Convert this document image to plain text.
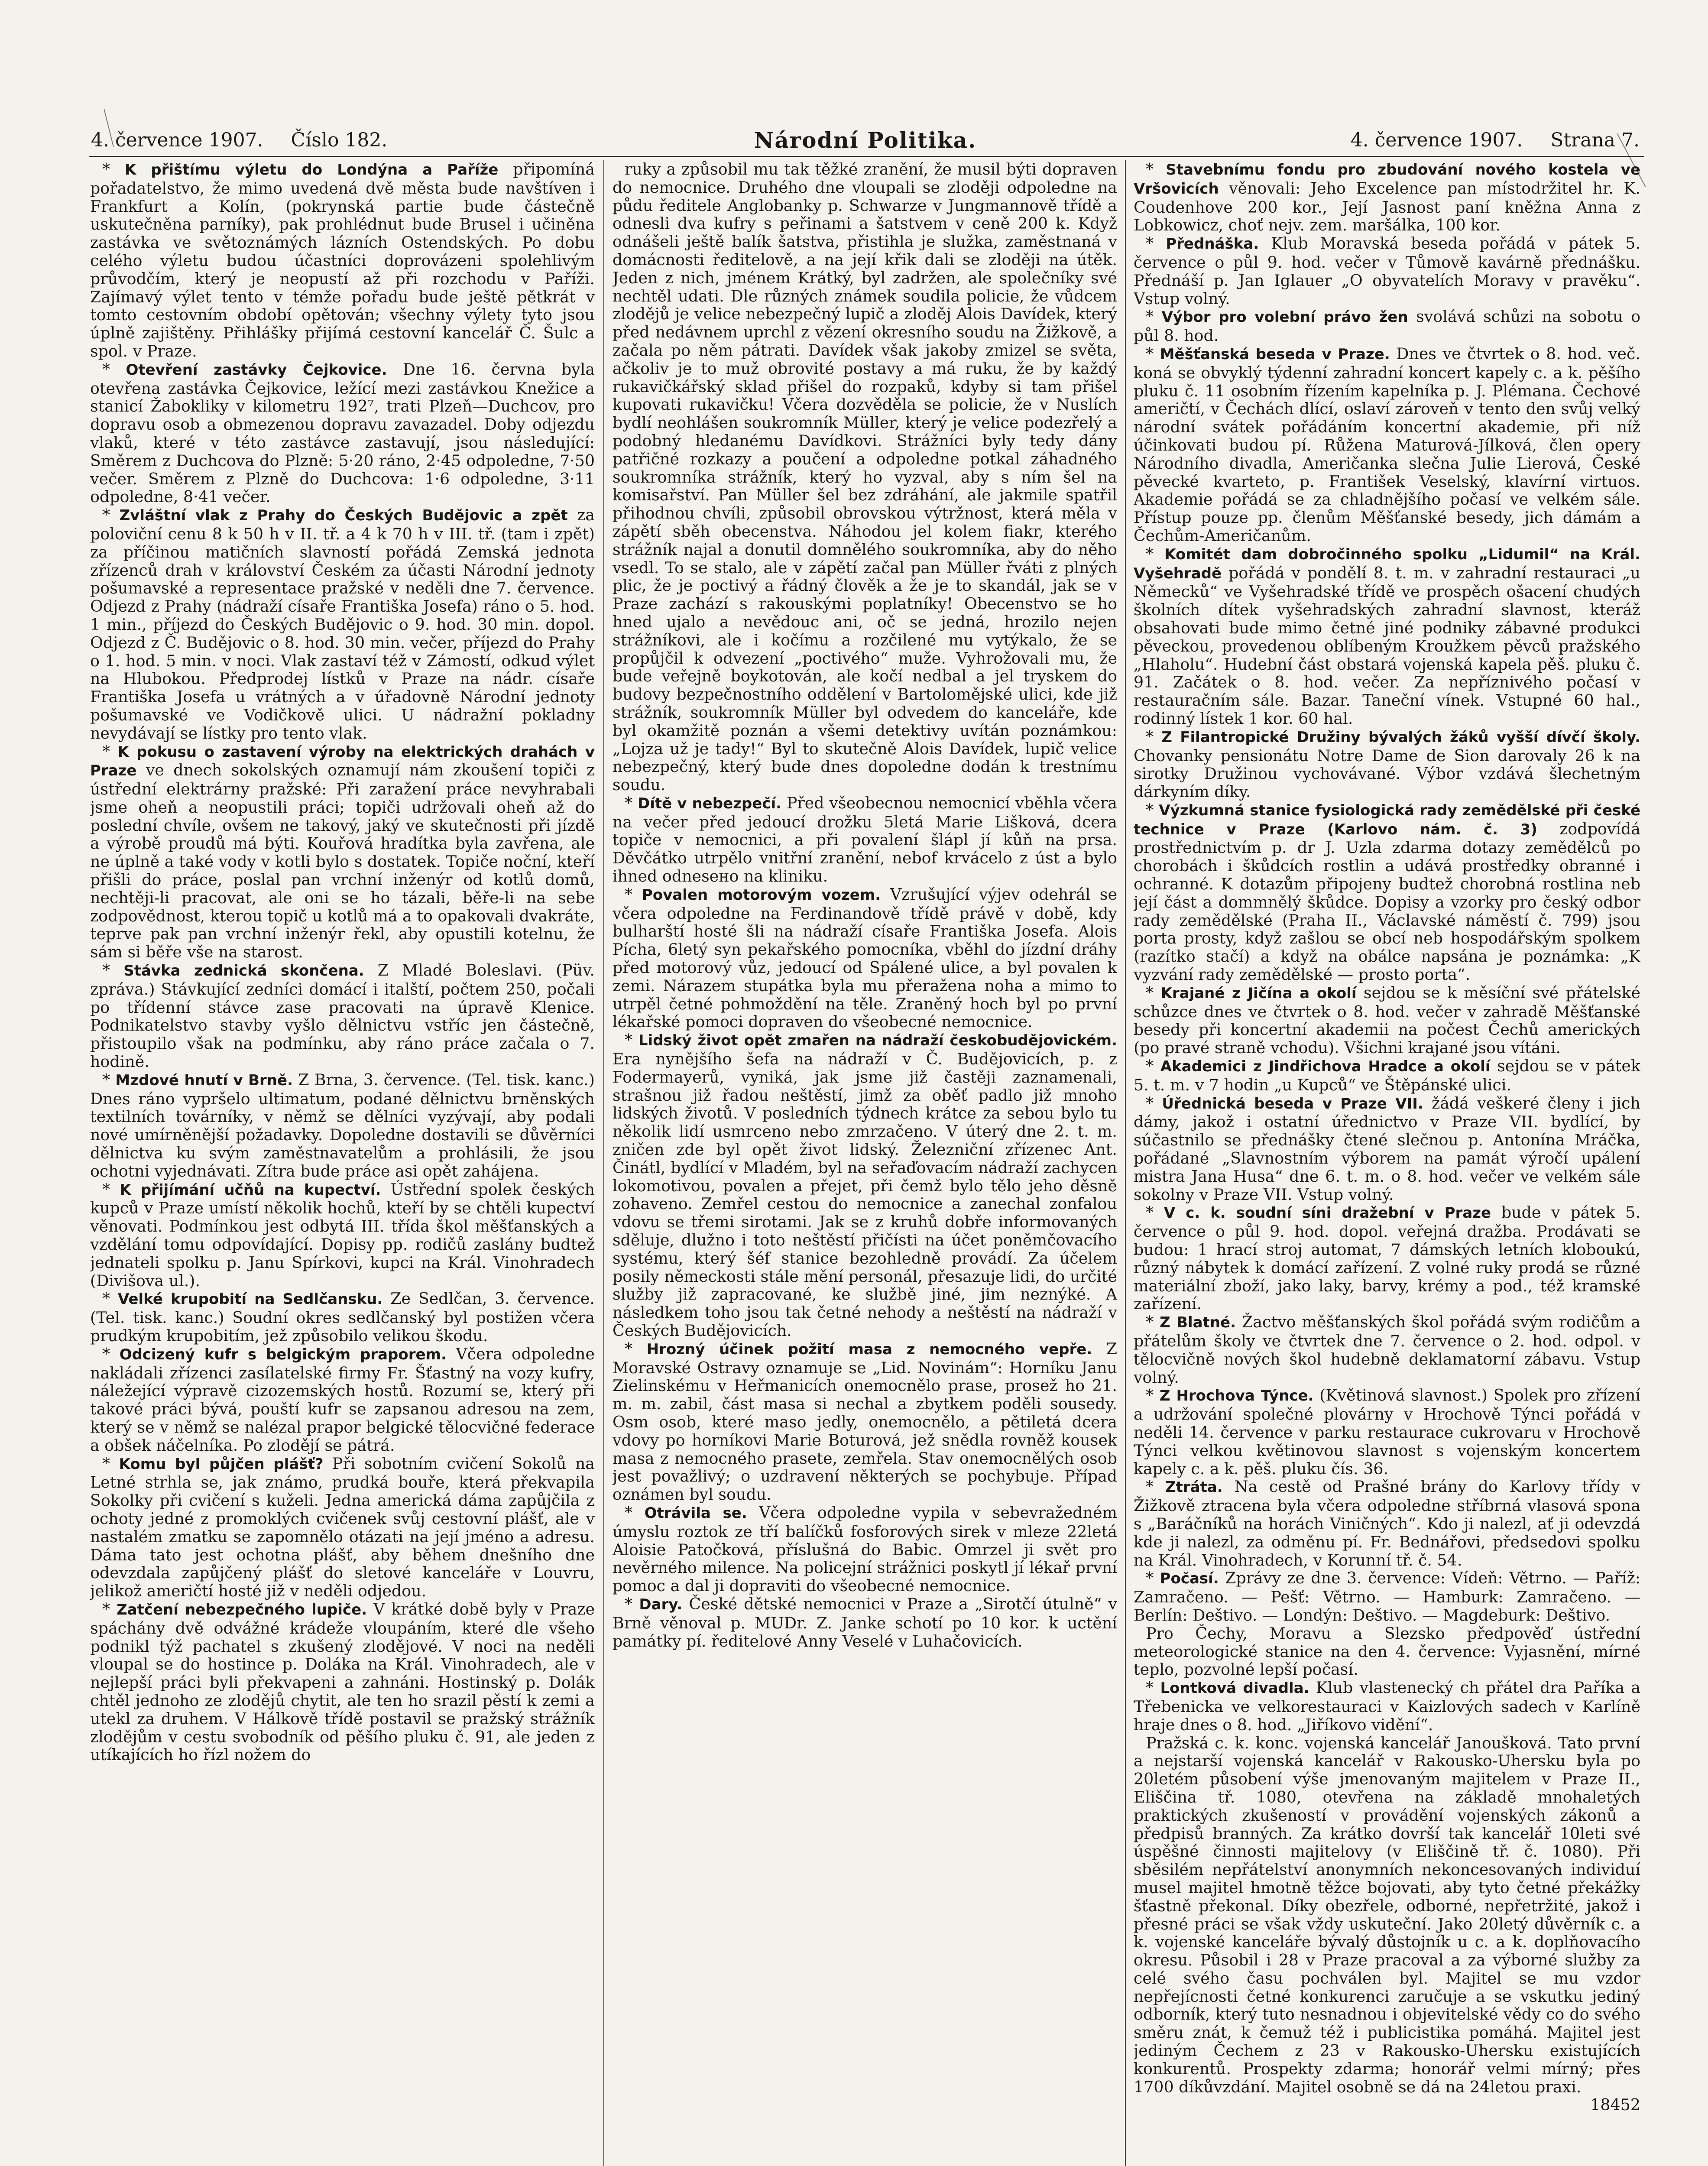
4. července 1907. Číslo 182.	Národní Politika.	4. července 1907. Strana 7.

* K přištímu výletu do Londýna a Paříže připomíná pořadatelstvo, že mimo uvedená dvě města bude navštíven i Frankfurt a Kolín, (pokrynská partie bude částečně uskutečněna parníky), pak prohlédnut bude Brusel i učiněna zastávka ve světoznámých lázních Ostendských. Po dobu celého výletu budou účastníci doprovázeni spolehlivým průvodčím, který je neopustí až při rozchodu v Paříži. Zajímavý výlet tento v témže pořadu bude ještě pětkrát v tomto cestovním období opětován; všechny výlety tyto jsou úplně zajištěny. Přihlášky přijímá cestovní kancelář Č. Šulc a spol. v Praze.

* Otevření zastávky Čejkovice. Dne 16. června byla otevřena zastávka Čejkovice, ležící mezi zastávkou Knežice a stanicí Žabokliky v kilometru 192⁷, trati Plzeň—Duchcov, pro dopravu osob a obmezenou dopravu zavazadel. Doby odjezdu vlaků, které v této zastávce zastavují, jsou následující: Směrem z Duchcova do Plzně: 5·20 ráno, 2·45 odpoledne, 7·50 večer. Směrem z Plzně do Duchcova: 1·6 odpoledne, 3·11 odpoledne, 8·41 večer.

* Zvláštní vlak z Prahy do Českých Budějovic a zpět za poloviční cenu 8 k 50 h v II. tř. a 4 k 70 h v III. tř. (tam i zpět) za příčinou matičních slavností pořádá Zemská jednota zřízenců drah v království Českém za účasti Národní jednoty pošumavské a representace pražské v neděli dne 7. července. Odjezd z Prahy (nádraží císaře Františka Josefa) ráno o 5. hod. 1 min., příjezd do Českých Budějovic o 9. hod. 30 min. dopol. Odjezd z Č. Budějovic o 8. hod. 30 min. večer, příjezd do Prahy o 1. hod. 5 min. v noci. Vlak zastaví též v Zámostí, odkud výlet na Hlubokou. Předprodej lístků v Praze na nádr. císaře Františka Josefa u vrátných a v úřadovně Národní jednoty pošumavské ve Vodičkově ulici. U nádražní pokladny nevydávají se lístky pro tento vlak.

* K pokusu o zastavení výroby na elektrických drahách v Praze ve dnech sokolských oznamují nám zkoušení topiči z ústřední elektrárny pražské: Při zaražení práce nevyhrabali jsme oheň a neopustili práci; topiči udržovali oheň až do poslední chvíle, ovšem ne takový, jaký ve skutečnosti při jízdě a výrobě proudů má býti. Kouřová hradítka byla zavřena, ale ne úplně a také vody v kotli bylo s dostatek. Topiče noční, kteří přišli do práce, poslal pan vrchní inženýr od kotlů domů, nechtěji-li pracovat, ale oni se ho tázali, běře-li na sebe zodpovědnost, kterou topič u kotlů má a to opakovali dvakráte, teprve pak pan vrchní inženýr řekl, aby opustili kotelnu, že sám si běře vše na starost.

* Stávka zednická skončena. Z Mladé Boleslavi. (Püv. zpráva.) Stávkující zedníci domácí i italští, počtem 250, počali po třídenní stávce zase pracovati na úpravě Klenice. Podnikatelstvo stavby vyšlo dělnictvu vstříc jen částečně, přistoupilo však na podmínku, aby ráno práce začala o 7. hodině.

* Mzdové hnutí v Brně. Z Brna, 3. července. (Tel. tisk. kanc.) Dnes ráno vypršelo ultimatum, podané dělnictvu brněnských textilních továrníky, v němž se dělníci vyzývají, aby podali nové umírněnější požadavky. Dopoledne dostavili se důvěrníci dělnictva ku svým zaměstnavatelům a prohlásili, že jsou ochotni vyjednávati. Zítra bude práce asi opět zahájena.

* K přijímání učňů na kupectví. Ústřední spolek českých kupců v Praze umístí několik hochů, kteří by se chtěli kupectví věnovati. Podmínkou jest odbytá III. třída škol měšťanských a vzdělání tomu odpovídající. Dopisy pp. rodičů zaslány budtež jednateli spolku p. Janu Spírkovi, kupci na Král. Vinohradech (Divišova ul.).

* Velké krupobití na Sedlčansku. Ze Sedlčan, 3. července. (Tel. tisk. kanc.) Soudní okres sedlčanský byl postižen včera prudkým krupobitím, jež způsobilo velikou škodu.

* Odcizený kufr s belgickým praporem. Včera odpoledne nakládali zřízenci zasílatelské firmy Fr. Šťastný na vozy kufry, náležející výpravě cizozemských hostů. Rozumí se, který při takové práci bývá, pouští kufr se zapsanou adresou na zem, který se v němž se nalézal prapor belgické tělocvičné federace a obšek náčelníka. Po zlodějí se pátrá.

* Komu byl půjčen plášť? Při sobotním cvičení Sokolů na Letné strhla se, jak známo, prudká bouře, která překvapila Sokolky při cvičení s kuželi. Jedna americká dáma zapůjčila z ochoty jedné z promoklých cvičenek svůj cestovní plášť, ale v nastalém zmatku se zapomnělo otázati na její jméno a adresu. Dáma tato jest ochotna plášť, aby během dnešního dne odevzdala zapůjčený plášť do sletové kanceláře v Louvru, jelikož američtí hosté již v neděli odjedou.

* Zatčení nebezpečného lupiče. V krátké době byly v Praze spáchány dvě odvážné krádeže vloupáním, které dle všeho podnikl týž pachatel s zkušený zlodějové. V noci na neděli vloupal se do hostince p. Doláka na Král. Vinohradech, ale v nejlepší práci byli překvapeni a zahnáni. Hostinský p. Dolák chtěl jednoho ze zlodějů chytit, ale ten ho srazil pěstí k zemi a utekl za druhem. V Hálkově třídě postavil se pražský strážník zlodějům v cestu svobodník od pěšího pluku č. 91, ale jeden z utíkajících ho řízl nožem do

ruky a způsobil mu tak těžké zranění, že musil býti dopraven do nemocnice. Druhého dne vloupali se zloději odpoledne na půdu ředitele Anglobanky p. Schwarze v Jungmannově třídě a odnesli dva kufry s peřinami a šatstvem v ceně 200 k. Když odnášeli ještě balík šatstva, přistihla je služka, zaměstnaná v domácnosti ředitelově, a na její křik dali se zloději na útěk. Jeden z nich, jménem Krátký, byl zadržen, ale společníky své nechtěl udati. Dle různých známek soudila policie, že vůdcem zlodějů je velice nebezpečný lupič a zloděj Alois Davídek, který před nedávnem uprchl z vězení okresního soudu na Žižkově, a začala po něm pátrati. Davídek však jakoby zmizel se světa, ačkoliv je to muž obrovité postavy a má ruku, že by každý rukavičkářský sklad přišel do rozpaků, kdyby si tam přišel kupovati rukavičku! Včera dozvěděla se policie, že v Nuslích bydlí neohlášen soukromník Müller, který je velice podezřelý a podobný hledanému Davídkovi. Strážníci byly tedy dány patřičné rozkazy a poučení a odpoledne potkal záhadného soukromníka strážník, který ho vyzval, aby s ním šel na komisařství. Pan Müller šel bez zdráhání, ale jakmile spatřil přihodnou chvíli, způsobil obrovskou výtržnost, která měla v zápětí sběh obecenstva. Náhodou jel kolem fiakr, kterého strážník najal a donutil domnělého soukromníka, aby do něho vsedl. To se stalo, ale v zápětí začal pan Müller řváti z plných plic, že je poctivý a řádný člověk a že je to skandál, jak se v Praze zachází s rakouskými poplatníky! Obecenstvo se ho hned ujalo a nevědouc ani, oč se jedná, hrozilo nejen strážníkovi, ale i kočímu a rozčilené mu vytýkalo, že se propůjčil k odvezení „poctivého“ muže. Vyhrožovali mu, že bude veřejně boykotován, ale kočí nedbal a jel tryskem do budovy bezpečnostního oddělení v Bartolomějské ulici, kde již strážník, soukromník Müller byl odvedem do kanceláře, kde byl okamžitě poznán a všemi detektivy uvítán poznámkou: „Lojza už je tady!“ Byl to skutečně Alois Davídek, lupič velice nebezpečný, který bude dnes dopoledne dodán k trestnímu soudu.

* Dítě v nebezpečí. Před všeobecnou nemocnicí vběhla včera na večer před jedoucí drožku 5letá Marie Lišková, dcera topiče v nemocnici, a při povalení šlápl jí kůň na prsa. Děvčátko utrpělo vnitřní zranění, nebof krvácelo z úst a bylo ihned odnesено na kliniku.

* Povalen motorovým vozem. Vzrušující výjev odehrál se včera odpoledne na Ferdinandově třídě právě v době, kdy bulharští hosté šli na nádraží císaře Františka Josefa. Alois Pícha, 6letý syn pekařského pomocníka, vběhl do jízdní dráhy před motorový vůz, jedoucí od Spálené ulice, a byl povalen k zemi. Nárazem stupátka byla mu přeražena noha a mimo to utrpěl četné pohmoždění na těle. Zraněný hoch byl po první lékařské pomoci dopraven do všeobecné nemocnice.

* Lidský život opět zmařen na nádraží českobudějovickém. Era nynějšího šefa na nádraží v Č. Budějovicích, p. z Fodermayerů, vyniká, jak jsme již častěji zaznamenali, strašnou již řadou neštěstí, jimž za oběť padlo již mnoho lidských životů. V posledních týdnech krátce za sebou bylo tu několik lidí usmrceno nebo zmrzačeno. V úterý dne 2. t. m. zničen zde byl opět život lidský. Železniční zřízenec Ant. Činátl, bydlící v Mladém, byl na seřaďovacím nádraží zachycen lokomotivou, povalen a přejet, při čemž bylo tělo jeho děsně zohaveno. Zemřel cestou do nemocnice a zanechal zonfalou vdovu se třemi sirotami. Jak se z kruhů dobře informovaných sděluje, dlužno i toto neštěstí přičísti na účet poněmčovacího systému, který šéf stanice bezohledně provádí. Za účelem posily německosti stále mění personál, přesazuje lidi, do určité služby již zapracované, ke službě jiné, jim neznýké. A následkem toho jsou tak četné nehody a neštěstí na nádraží v Českých Budějovicích.

* Hrozný účinek požití masa z nemocného vepře. Z Moravské Ostravy oznamuje se „Lid. Novinám“: Horníku Janu Zielinskému v Heřmanicích onemocnělo prase, prosež ho 21. m. m. zabil, část masa si nechal a zbytkem poděli sousedy. Osm osob, které maso jedly, onemocnělo, a pětiletá dcera vdovy po horníkovi Marie Boturová, jež snědla rovněž kousek masa z nemocného prasete, zemřela. Stav onemocnělých osob jest považlivý; o uzdravení některých se pochybuje. Případ oznámen byl soudu.

* Otrávila se. Včera odpoledne vypila v sebevražedném úmyslu roztok ze tří balíčků fosforových sirek v mleze 22letá Aloisie Patočková, příslušná do Babic. Omrzel ji svět pro nevěrného milence. Na policejní strážnici poskytl jí lékař první pomoc a dal ji dopraviti do všeobecné nemocnice.

* Dary. České dětské nemocnici v Praze a „Sirotčí útulně“ v Brně věnoval p. MUDr. Z. Janke schotí po 10 kor. k uctění památky pí. ředitelové Anny Veselé v Luhačovicích.

* Stavebnímu fondu pro zbudování nového kostela ve Vršovicích věnovali: Jeho Excelence pan místodržitel hr. K. Coudenhove 200 kor., Její Jasnost paní kněžna Anna z Lobkowicz, choť nejv. zem. maršálka, 100 kor.

* Přednáška. Klub Moravská beseda pořádá v pátek 5. července o půl 9. hod. večer v Tůmově kavárně přednášku. Přednáší p. Jan Iglauer „O obyvatelích Moravy v pravěku“. Vstup volný.

* Výbor pro volební právo žen svolává schůzi na sobotu o půl 8. hod.

* Měšťanská beseda v Praze. Dnes ve čtvrtek o 8. hod. več. koná se obvyklý týdenní zahradní koncert kapely c. a k. pěšího pluku č. 11 osobním řízením kapelníka p. J. Plémana. Čechové američtí, v Čechách dlící, oslaví zároveň v tento den svůj velký národní svátek pořádáním koncertní akademie, při níž účinkovati budou pí. Růžena Maturová-Jílková, člen opery Národního divadla, Američanka slečna Julie Lierová, České pěvecké kvarteto, p. František Veselský, klavírní virtuos. Akademie pořádá se za chladnějšího počasí ve velkém sále. Přístup pouze pp. členům Měšťanské besedy, jich dámám a Čechům-Američanům.

* Komitét dam dobročinného spolku „Lidumil“ na Král. Vyšehradě pořádá v pondělí 8. t. m. v zahradní restauraci „u Německů“ ve Vyšehradské třídě ve prospěch ošacení chudých školních dítek vyšehradských zahradní slavnost, kteráž obsahovati bude mimo četné jiné podniky zábavné produkci pěveckou, provedenou oblíbeným Kroužkem pěvců pražského „Hlaholu“. Hudební část obstará vojenská kapela pěš. pluku č. 91. Začátek o 8. hod. večer. Za nepříznivého počasí v restauračním sále. Bazar. Taneční vínek. Vstupné 60 hal., rodinný lístek 1 kor. 60 hal.

* Z Filantropické Družiny bývalých žáků vyšší dívčí školy. Chovanky pensionátu Notre Dame de Sion darovaly 26 k na sirotky Družinou vychovávané. Výbor vzdává šlechetným dárkyním díky.

* Výzkumná stanice fysiologická rady zemědělské při české technice v Praze (Karlovo nám. č. 3) zodpovídá prostřednictvím p. dr J. Uzla zdarma dotazy zemědělců po chorobách i škůdcích rostlin a udává prostředky obranné i ochranné. K dotazům připojeny budtež chorobná rostlina neb její část a dommnělý škůdce. Dopisy a vzorky pro český odbor rady zemědělské (Praha II., Václavské náměstí č. 799) jsou porta prosty, když zašlou se obcí neb hospodářským spolkem (razítko stačí) a když na obálce napsána je poznámka: „K vyzvání rady zemědělské — prosto porta“.

* Krajané z Jičína a okolí sejdou se k měsíční své přátelské schůzce dnes ve čtvrtek o 8. hod. večer v zahradě Měšťanské besedy při koncertní akademii na počest Čechů amerických (po pravé straně vchodu). Všichni krajané jsou vítáni.

* Akademici z Jindřichova Hradce a okolí sejdou se v pátek 5. t. m. v 7 hodin „u Kupců“ ve Štěpánské ulici.

* Úřednická beseda v Praze VII. žádá veškeré členy i jich dámy, jakož i ostatní úřednictvo v Praze VII. bydlící, by súčastnilo se přednášky čtené slečnou p. Antonína Mráčka, pořádané „Slavnostním výborem na památ výročí upálení mistra Jana Husa“ dne 6. t. m. o 8. hod. večer ve velkém sále sokolny v Praze VII. Vstup volný.

* V c. k. soudní síni dražební v Praze bude v pátek 5. července o půl 9. hod. dopol. veřejná dražba. Prodávati se budou: 1 hrací stroj automat, 7 dámských letních kloboukú, různý nábytek k domácí zařízení. Z volné ruky prodá se různé materiální zboží, jako laky, barvy, krémy a pod., též kramské zařízení.

* Z Blatné. Žactvo měšťanských škol pořádá svým rodičům a přátelům školy ve čtvrtek dne 7. července o 2. hod. odpol. v tělocvičně nových škol hudebně deklamatorní zábavu. Vstup volný.

* Z Hrochova Týnce. (Květinová slavnost.) Spolek pro zřízení a udržování společné plovárny v Hrochově Týnci pořádá v neděli 14. července v parku restaurace cukrovaru v Hrochově Týnci velkou květinovou slavnost s vojenským koncertem kapely c. a k. pěš. pluku čís. 36.

* Ztráta. Na cestě od Prašné brány do Karlovy třídy v Žižkově ztracena byla včera odpoledne stříbrná vlasová spona s „Baráčníků na horách Viničných“. Kdo ji nalezl, ať ji odevzdá kde ji nalezl, za odměnu pí. Fr. Bednářovi, předsedovi spolku na Král. Vinohradech, v Korunní tř. č. 54.

* Počasí. Zprávy ze dne 3. července: Vídeň: Větrno. — Paříž: Zamračeno. — Pešť: Větrno. — Hamburk: Zamračeno. — Berlín: Deštivo. — Londýn: Deštivo. — Magdeburk: Deštivo.

Pro Čechy, Moravu a Slezsko předpověď ústřední meteorologické stanice na den 4. července: Vyjasnění, mírné teplo, pozvolné lepší počasí.

* Lontková divadla. Klub vlastenecký ch přátel dra Paříka a Třebenicka ve velkorestauraci v Kaizlových sadech v Karlíně hraje dnes o 8. hod. „Jiříkovo vidění“.

Pražská c. k. konc. vojenská kancelář Janoušková. Tato první a nejstarší vojenská kancelář v Rakousko-Uhersku byla po 20letém působení výše jmenovaným majitelem v Praze II., Eliščina tř. 1080, otevřena na základě mnohaletých praktických zkušeností v provádění vojenských zákonů a předpisů branných. Za krátko dovrší tak kancelář 10leti své úspěšné činnosti majitelovy (v Eliščině tř. č. 1080). Při sběsilém nepřátelství anonymních nekoncesovaných individuí musel majitel hmotně těžce bojovati, aby tyto četné překážky šťastně překonal. Díky obezřele, odborné, nepřetržité, jakož i přesné práci se však vždy uskuteční. Jako 20letý důvěrník c. a k. vojenské kanceláře bývalý důstojník u c. a k. doplňovacího okresu. Působil i 28 v Praze pracoval a za výborné služby za celé svého času pochválen byl. Majitel se mu vzdor nepřejícnosti četné konkurenci zaručuje a se vskutku jediný odborník, který tuto nesnadnou i objevitelské vědy co do svého směru znát, k čemuž též i publicistika pomáhá. Majitel jest jediným Čechem z 23 v Rakousko-Uhersku existujících konkurentů. Prospekty zdarma; honorář velmi mírný; přes 1700 díkůvzdání. Majitel osobně se dá na 24letou praxi.

18452
